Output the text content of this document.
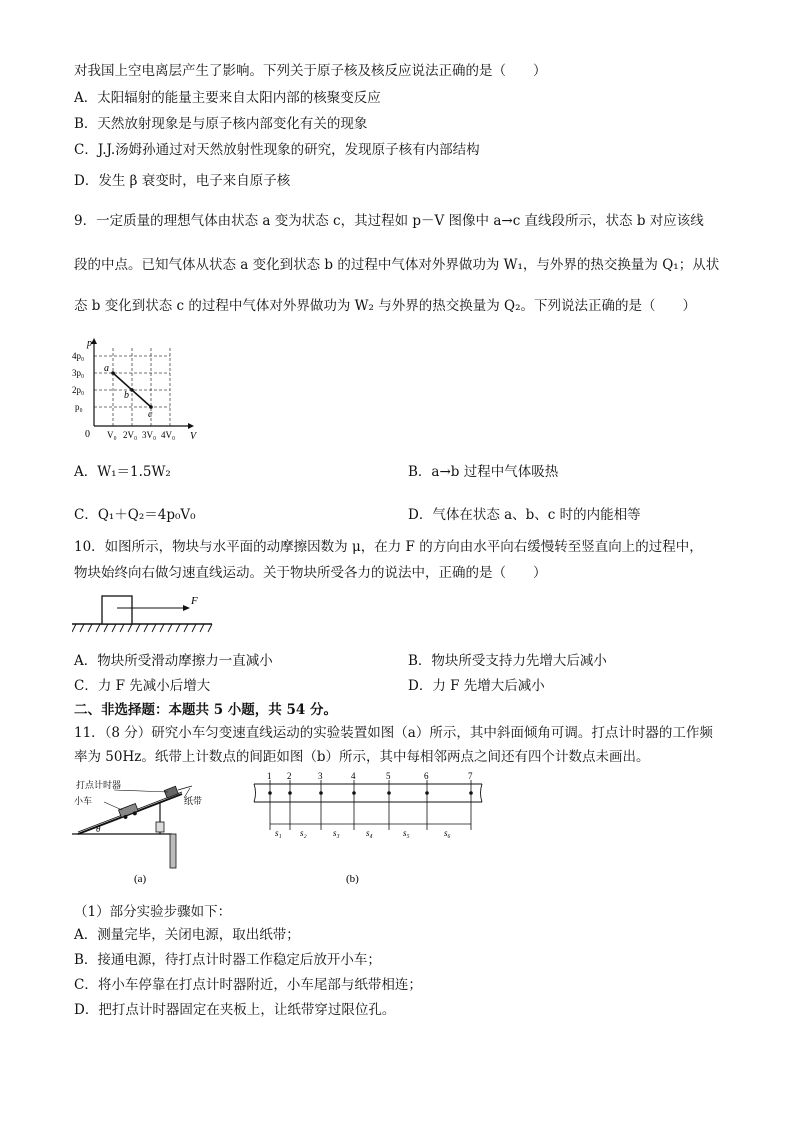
对我国上空电离层产生了影响。下列关于原子核及核反应说法正确的是（　　）
A．太阳辐射的能量主要来自太阳内部的核聚变反应
B．天然放射现象是与原子核内部变化有关的现象
C．J.J.汤姆孙通过对天然放射性现象的研究，发现原子核有内部结构
D．发生 β 衰变时，电子来自原子核
9．一定质量的理想气体由状态 a 变为状态 c，其过程如 p－V 图像中 a→c 直线段所示，状态 b 对应该线
段的中点。已知气体从状态 a 变化到状态 b 的过程中气体对外界做功为 W₁，与外界的热交换量为 Q₁；从状
态 b 变化到状态 c 的过程中气体对外界做功为 W₂ 与外界的热交换量为 Q₂。下列说法正确的是（　　）
p
V
0
p₀
2p₀
3p₀
4p₀
V₀ 2V₀ 3V₀ 4V₀
a
b
c
A．W₁＝1.5W₂	B．a→b 过程中气体吸热
C．Q₁＋Q₂＝4p₀V₀	D．气体在状态 a、b、c 时的内能相等
10．如图所示，物块与水平面的动摩擦因数为 μ，在力 F 的方向由水平向右缓慢转至竖直向上的过程中，
物块始终向右做匀速直线运动。关于物块所受各力的说法中，正确的是（　　）
F
A．物块所受滑动摩擦力一直减小	B．物块所受支持力先增大后减小
C．力 F 先减小后增大	D．力 F 先增大后减小
二、非选择题：本题共 5 小题，共 54 分。
11．（8 分）研究小车匀变速直线运动的实验装置如图（a）所示，其中斜面倾角可调。打点计时器的工作频
率为 50Hz。纸带上计数点的间距如图（b）所示，其中每相邻两点之间还有四个计数点未画出。
打点计时器
小车	纸带
θ
(a)
1 2	3	4	5	6	7
s₁ s₂	s₃	s₄	s₅	s₆
(b)
（1）部分实验步骤如下：
A．测量完毕，关闭电源，取出纸带；
B．接通电源，待打点计时器工作稳定后放开小车；
C．将小车停靠在打点计时器附近，小车尾部与纸带相连；
D．把打点计时器固定在夹板上，让纸带穿过限位孔。
